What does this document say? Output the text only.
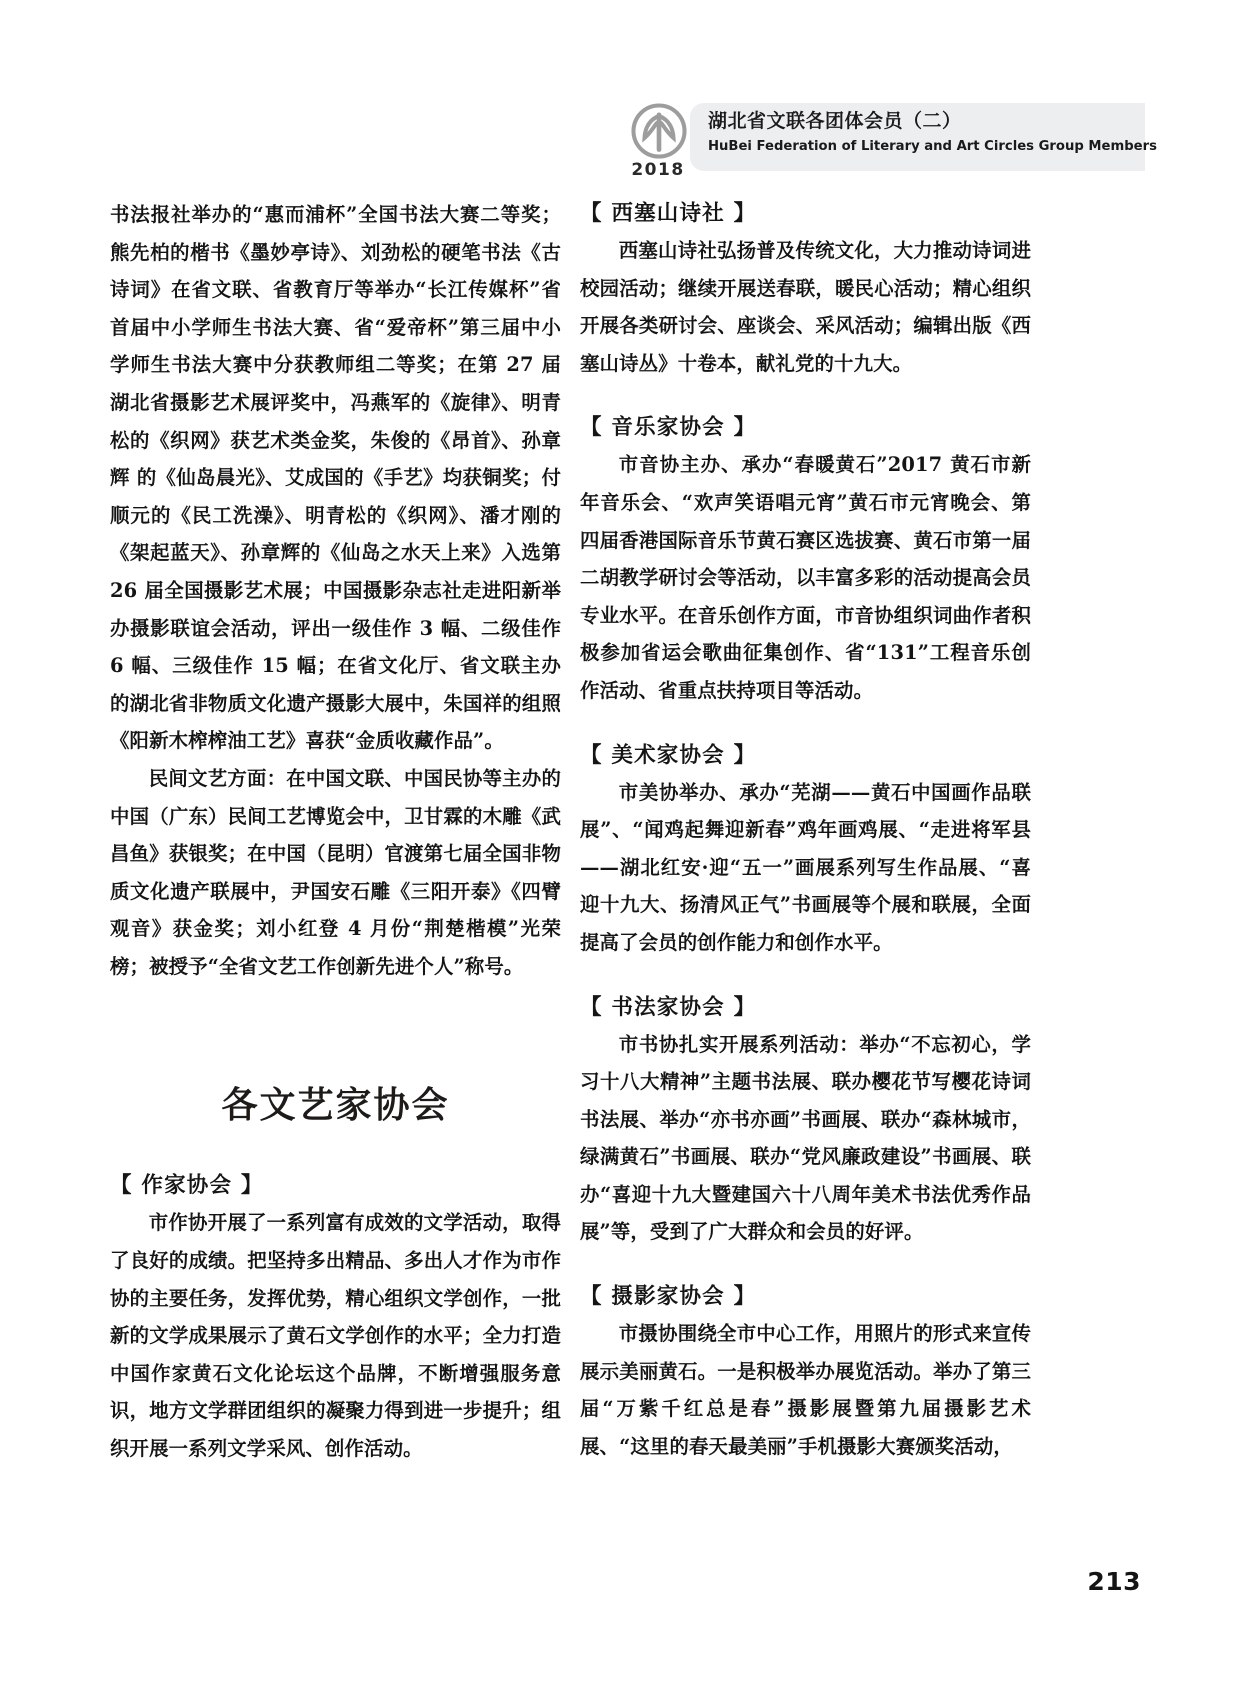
2018
湖北省文联各团体会员（二）
HuBei Federation of Literary and Art Circles Group Members

书法报社举办的“惠而浦杯”全国书法大赛二等奖；熊先柏的楷书《墨妙亭诗》、刘劲松的硬笔书法《古诗词》在省文联、省教育厅等举办“长江传媒杯”省首届中小学师生书法大赛、省“爱帝杯”第三届中小学师生书法大赛中分获教师组二等奖；在第 27 届湖北省摄影艺术展评奖中，冯燕军的《旋律》、明青松的《织网》获艺术类金奖，朱俊的《昂首》、孙章辉 的《仙岛晨光》、艾成国的《手艺》均获铜奖；付顺元的《民工洗澡》、明青松的《织网》、潘才刚的《架起蓝天》、孙章辉的《仙岛之水天上来》入选第 26 届全国摄影艺术展；中国摄影杂志社走进阳新举办摄影联谊会活动，评出一级佳作 3 幅、二级佳作 6 幅、三级佳作 15 幅；在省文化厅、省文联主办的湖北省非物质文化遗产摄影大展中，朱国祥的组照《阳新木榨榨油工艺》喜获“金质收藏作品”。

民间文艺方面：在中国文联、中国民协等主办的中国（广东）民间工艺博览会中，卫甘霖的木雕《武昌鱼》获银奖；在中国（昆明）官渡第七届全国非物质文化遗产联展中，尹国安石雕《三阳开泰》《四臂观音》获金奖；刘小红登 4 月份“荆楚楷模”光荣榜；被授予“全省文艺工作创新先进个人”称号。

各文艺家协会
【 作家协会 】

市作协开展了一系列富有成效的文学活动，取得了良好的成绩。把坚持多出精品、多出人才作为市作协的主要任务，发挥优势，精心组织文学创作，一批新的文学成果展示了黄石文学创作的水平；全力打造中国作家黄石文化论坛这个品牌，不断增强服务意识，地方文学群团组织的凝聚力得到进一步提升；组织开展一系列文学采风、创作活动。

【 西塞山诗社 】

西塞山诗社弘扬普及传统文化，大力推动诗词进校园活动；继续开展送春联，暖民心活动；精心组织开展各类研讨会、座谈会、采风活动；编辑出版《西塞山诗丛》十卷本，献礼党的十九大。

【 音乐家协会 】

市音协主办、承办“春暖黄石”2017 黄石市新年音乐会、“欢声笑语唱元宵”黄石市元宵晚会、第四届香港国际音乐节黄石赛区选拔赛、黄石市第一届二胡教学研讨会等活动，以丰富多彩的活动提高会员专业水平。在音乐创作方面，市音协组织词曲作者积极参加省运会歌曲征集创作、省“131”工程音乐创作活动、省重点扶持项目等活动。

【 美术家协会 】

市美协举办、承办“芜湖——黄石中国画作品联展”、“闻鸡起舞迎新春”鸡年画鸡展、“走进将军县——湖北红安·迎“五一”画展系列写生作品展、“喜迎十九大、扬清风正气”书画展等个展和联展，全面提高了会员的创作能力和创作水平。

【 书法家协会 】

市书协扎实开展系列活动：举办“不忘初心，学习十八大精神”主题书法展、联办樱花节写樱花诗词书法展、举办“亦书亦画”书画展、联办“森林城市，绿满黄石”书画展、联办“党风廉政建设”书画展、联办“喜迎十九大暨建国六十八周年美术书法优秀作品展”等，受到了广大群众和会员的好评。

【 摄影家协会 】

市摄协围绕全市中心工作，用照片的形式来宣传展示美丽黄石。一是积极举办展览活动。举办了第三届“万紫千红总是春”摄影展暨第九届摄影艺术展、“这里的春天最美丽”手机摄影大赛颁奖活动，

213
